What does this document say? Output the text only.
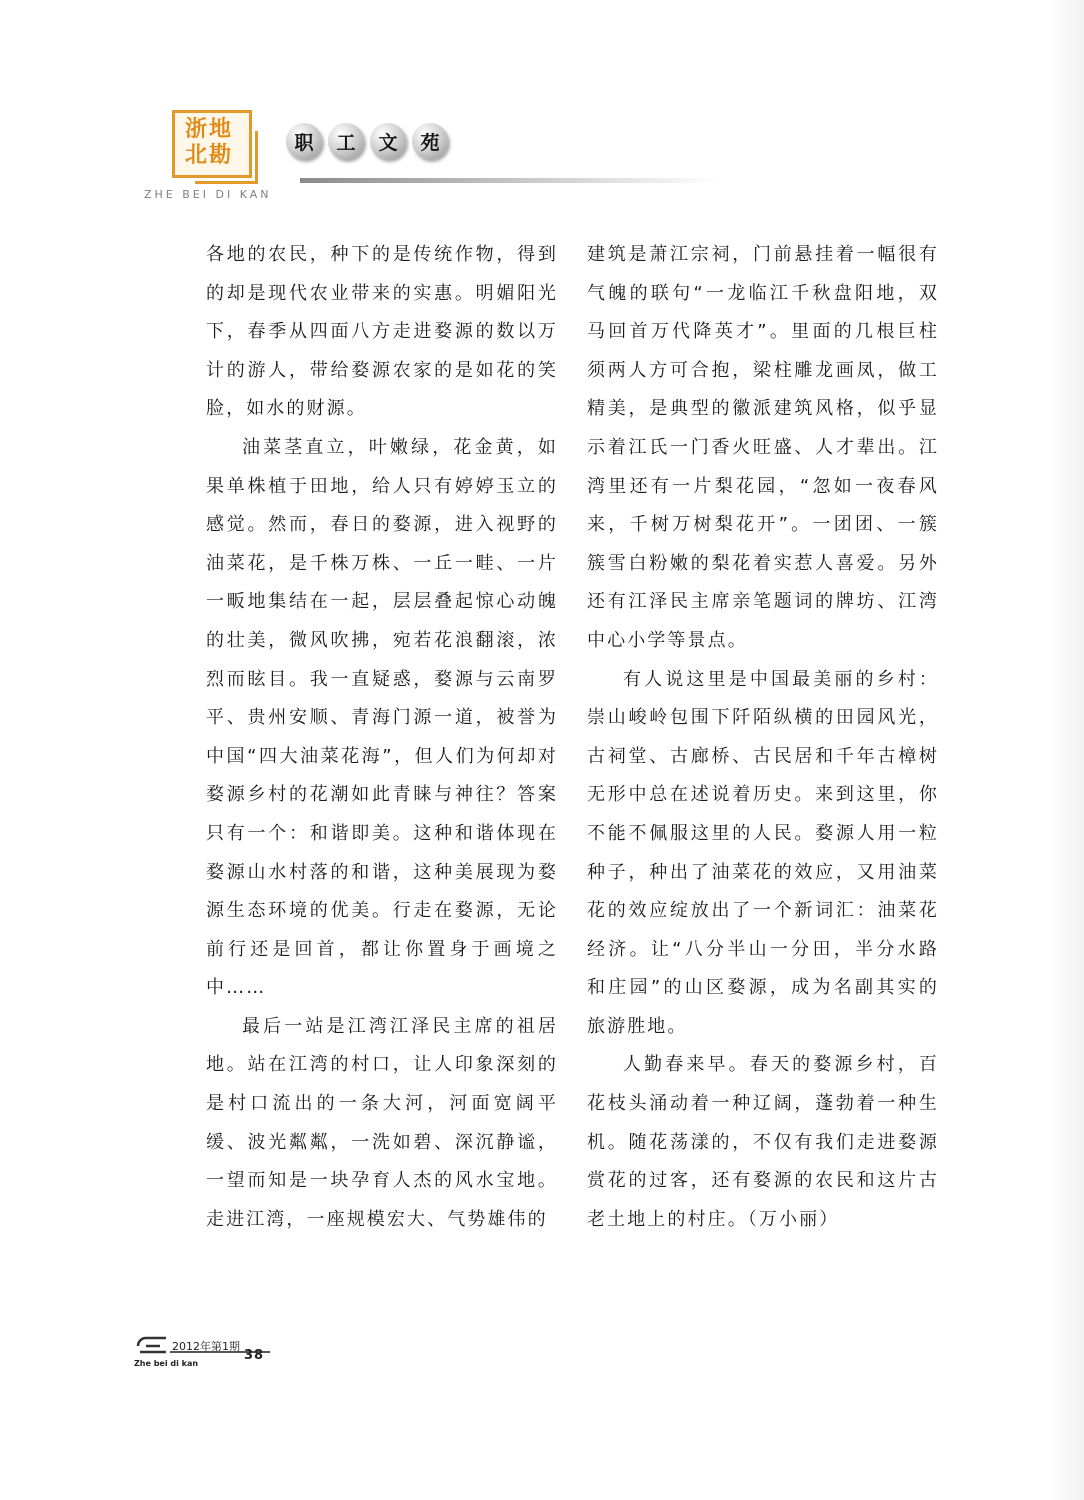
浙地
北勘
ZHE BEI DI KAN
职	工	文	苑

各地的农民，种下的是传统作物，得到的却是现代农业带来的实惠。明媚阳光下，春季从四面八方走进婺源的数以万计的游人，带给婺源农家的是如花的笑脸，如水的财源。

油菜茎直立，叶嫩绿，花金黄，如果单株植于田地，给人只有婷婷玉立的感觉。然而，春日的婺源，进入视野的油菜花，是千株万株、一丘一畦、一片一畈地集结在一起，层层叠起惊心动魄的壮美，微风吹拂，宛若花浪翻滚，浓烈而眩目。我一直疑惑，婺源与云南罗平、贵州安顺、青海门源一道，被誉为中国“四大油菜花海”，但人们为何却对婺源乡村的花潮如此青睐与神往？答案只有一个：和谐即美。这种和谐体现在婺源山水村落的和谐，这种美展现为婺源生态环境的优美。行走在婺源，无论前行还是回首，都让你置身于画境之中……

最后一站是江湾江泽民主席的祖居地。站在江湾的村口，让人印象深刻的是村口流出的一条大河，河面宽阔平缓、波光粼粼，一洗如碧、深沉静谧，一望而知是一块孕育人杰的风水宝地。走进江湾，一座规模宏大、气势雄伟的

建筑是萧江宗祠，门前悬挂着一幅很有气魄的联句“一龙临江千秋盘阳地，双马回首万代降英才”。里面的几根巨柱须两人方可合抱，梁柱雕龙画凤，做工精美，是典型的徽派建筑风格，似乎显示着江氏一门香火旺盛、人才辈出。江湾里还有一片梨花园，“忽如一夜春风来，千树万树梨花开”。一团团、一簇簇雪白粉嫩的梨花着实惹人喜爱。另外还有江泽民主席亲笔题词的牌坊、江湾中心小学等景点。

有人说这里是中国最美丽的乡村：崇山峻岭包围下阡陌纵横的田园风光，古祠堂、古廊桥、古民居和千年古樟树无形中总在述说着历史。来到这里，你不能不佩服这里的人民。婺源人用一粒种子，种出了油菜花的效应，又用油菜花的效应绽放出了一个新词汇：油菜花经济。让“八分半山一分田，半分水路和庄园”的山区婺源，成为名副其实的旅游胜地。

人勤春来早。春天的婺源乡村，百花枝头涌动着一种辽阔，蓬勃着一种生机。随花荡漾的，不仅有我们走进婺源赏花的过客，还有婺源的农民和这片古老土地上的村庄。（万小丽）

2012年第1期
38
Zhe bei di kan
